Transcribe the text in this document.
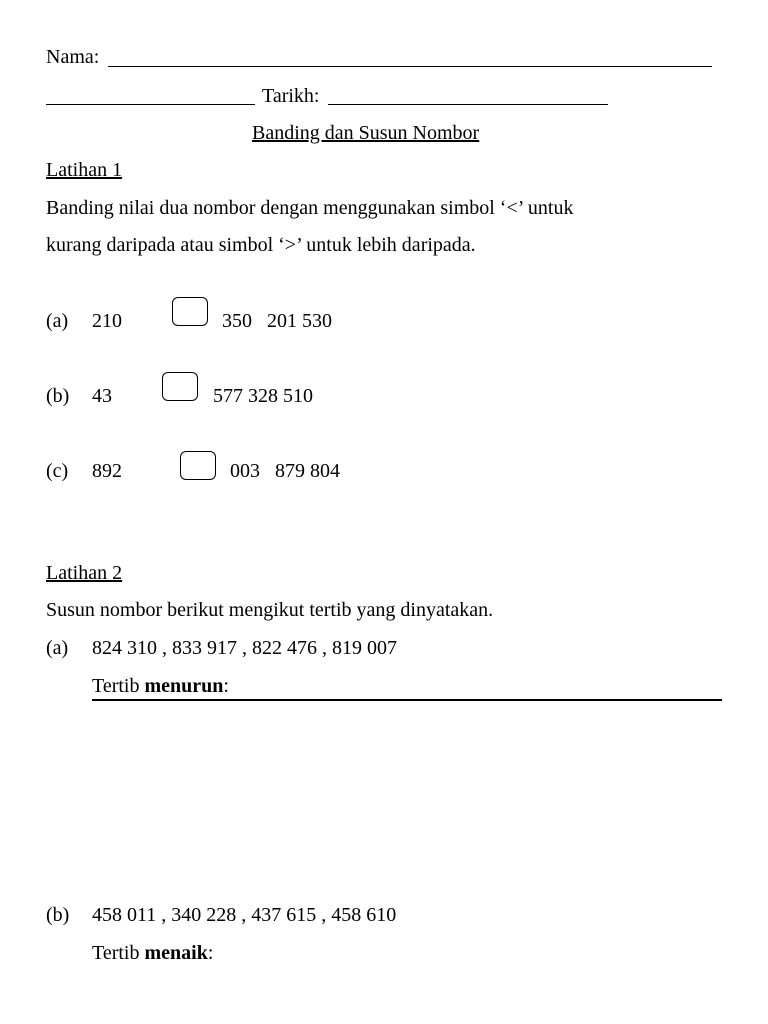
Nama:
Tarikh:
Banding dan Susun Nombor
Latihan 1
Banding nilai dua nombor dengan menggunakan simbol ‘<’ untuk
kurang daripada atau simbol ‘>’ untuk lebih daripada.
(a) 210	350   201 530
(b) 43	577 328 510
(c) 892	003   879 804
Latihan 2
Susun nombor berikut mengikut tertib yang dinyatakan.
(a) 824 310 , 833 917 , 822 476 , 819 007
Tertib menurun:
(b) 458 011 , 340 228 , 437 615 , 458 610
Tertib menaik:
